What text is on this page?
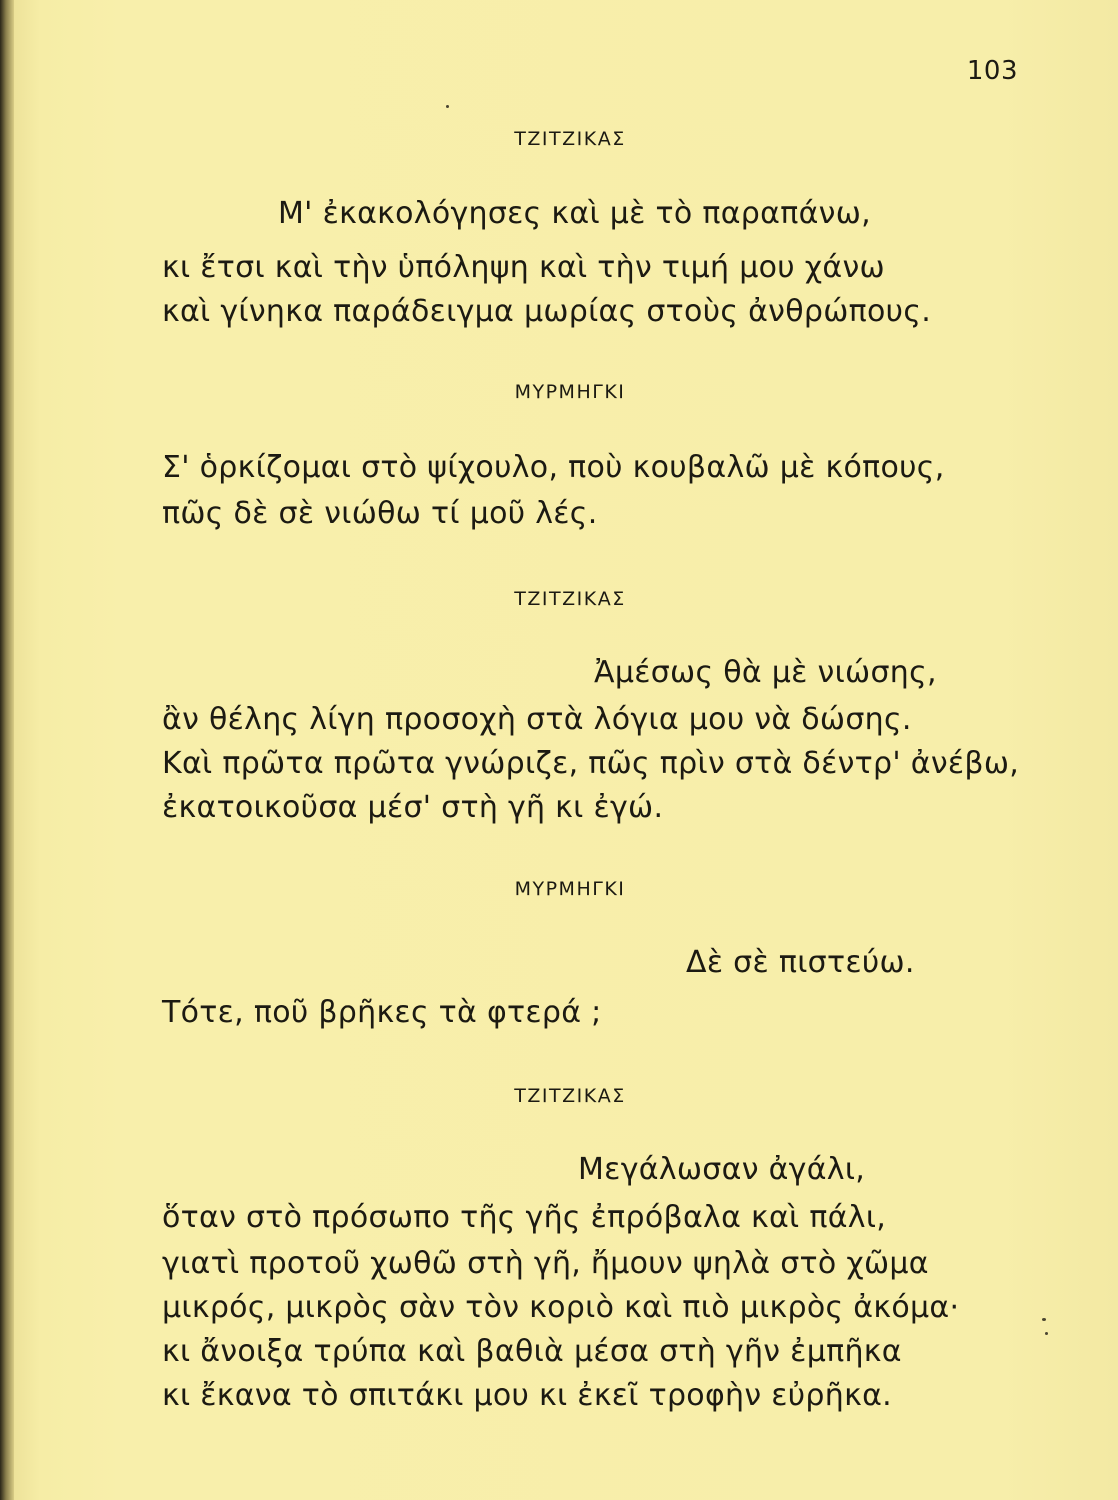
103
ΤΖΙΤΖΙΚΑΣ
Μ' ἐκακολόγησες καὶ μὲ τὸ παραπάνω,
κι ἔτσι καὶ τὴν ὑπόληψη καὶ τὴν τιμή μου χάνω
καὶ γίνηκα παράδειγμα μωρίας στοὺς ἀνθρώπους.
ΜΥΡΜΗΓΚΙ
Σ' ὁρκίζομαι στὸ ψίχουλο, ποὺ κουβαλῶ μὲ κόπους,
πῶς δὲ σὲ νιώθω τί μοῦ λές.
ΤΖΙΤΖΙΚΑΣ
Ἀμέσως θὰ μὲ νιώσης,
ἂν θέλης λίγη προσοχὴ στὰ λόγια μου νὰ δώσης.
Καὶ πρῶτα πρῶτα γνώριζε, πῶς πρὶν στὰ δέντρ' ἀνέβω,
ἐκατοικοῦσα μέσ' στὴ γῆ κι ἐγώ.
ΜΥΡΜΗΓΚΙ
Δὲ σὲ πιστεύω.
Τότε, ποῦ βρῆκες τὰ φτερά ;
ΤΖΙΤΖΙΚΑΣ
Μεγάλωσαν ἀγάλι,
ὅταν στὸ πρόσωπο τῆς γῆς ἐπρόβαλα καὶ πάλι,
γιατὶ προτοῦ χωθῶ στὴ γῆ, ἤμουν ψηλὰ στὸ χῶμα
μικρός, μικρὸς σὰν τὸν κοριὸ καὶ πιὸ μικρὸς ἀκόμα·
κι ἄνοιξα τρύπα καὶ βαθιὰ μέσα στὴ γῆν ἐμπῆκα
κι ἔκανα τὸ σπιτάκι μου κι ἐκεῖ τροφὴν εὐρῆκα.
